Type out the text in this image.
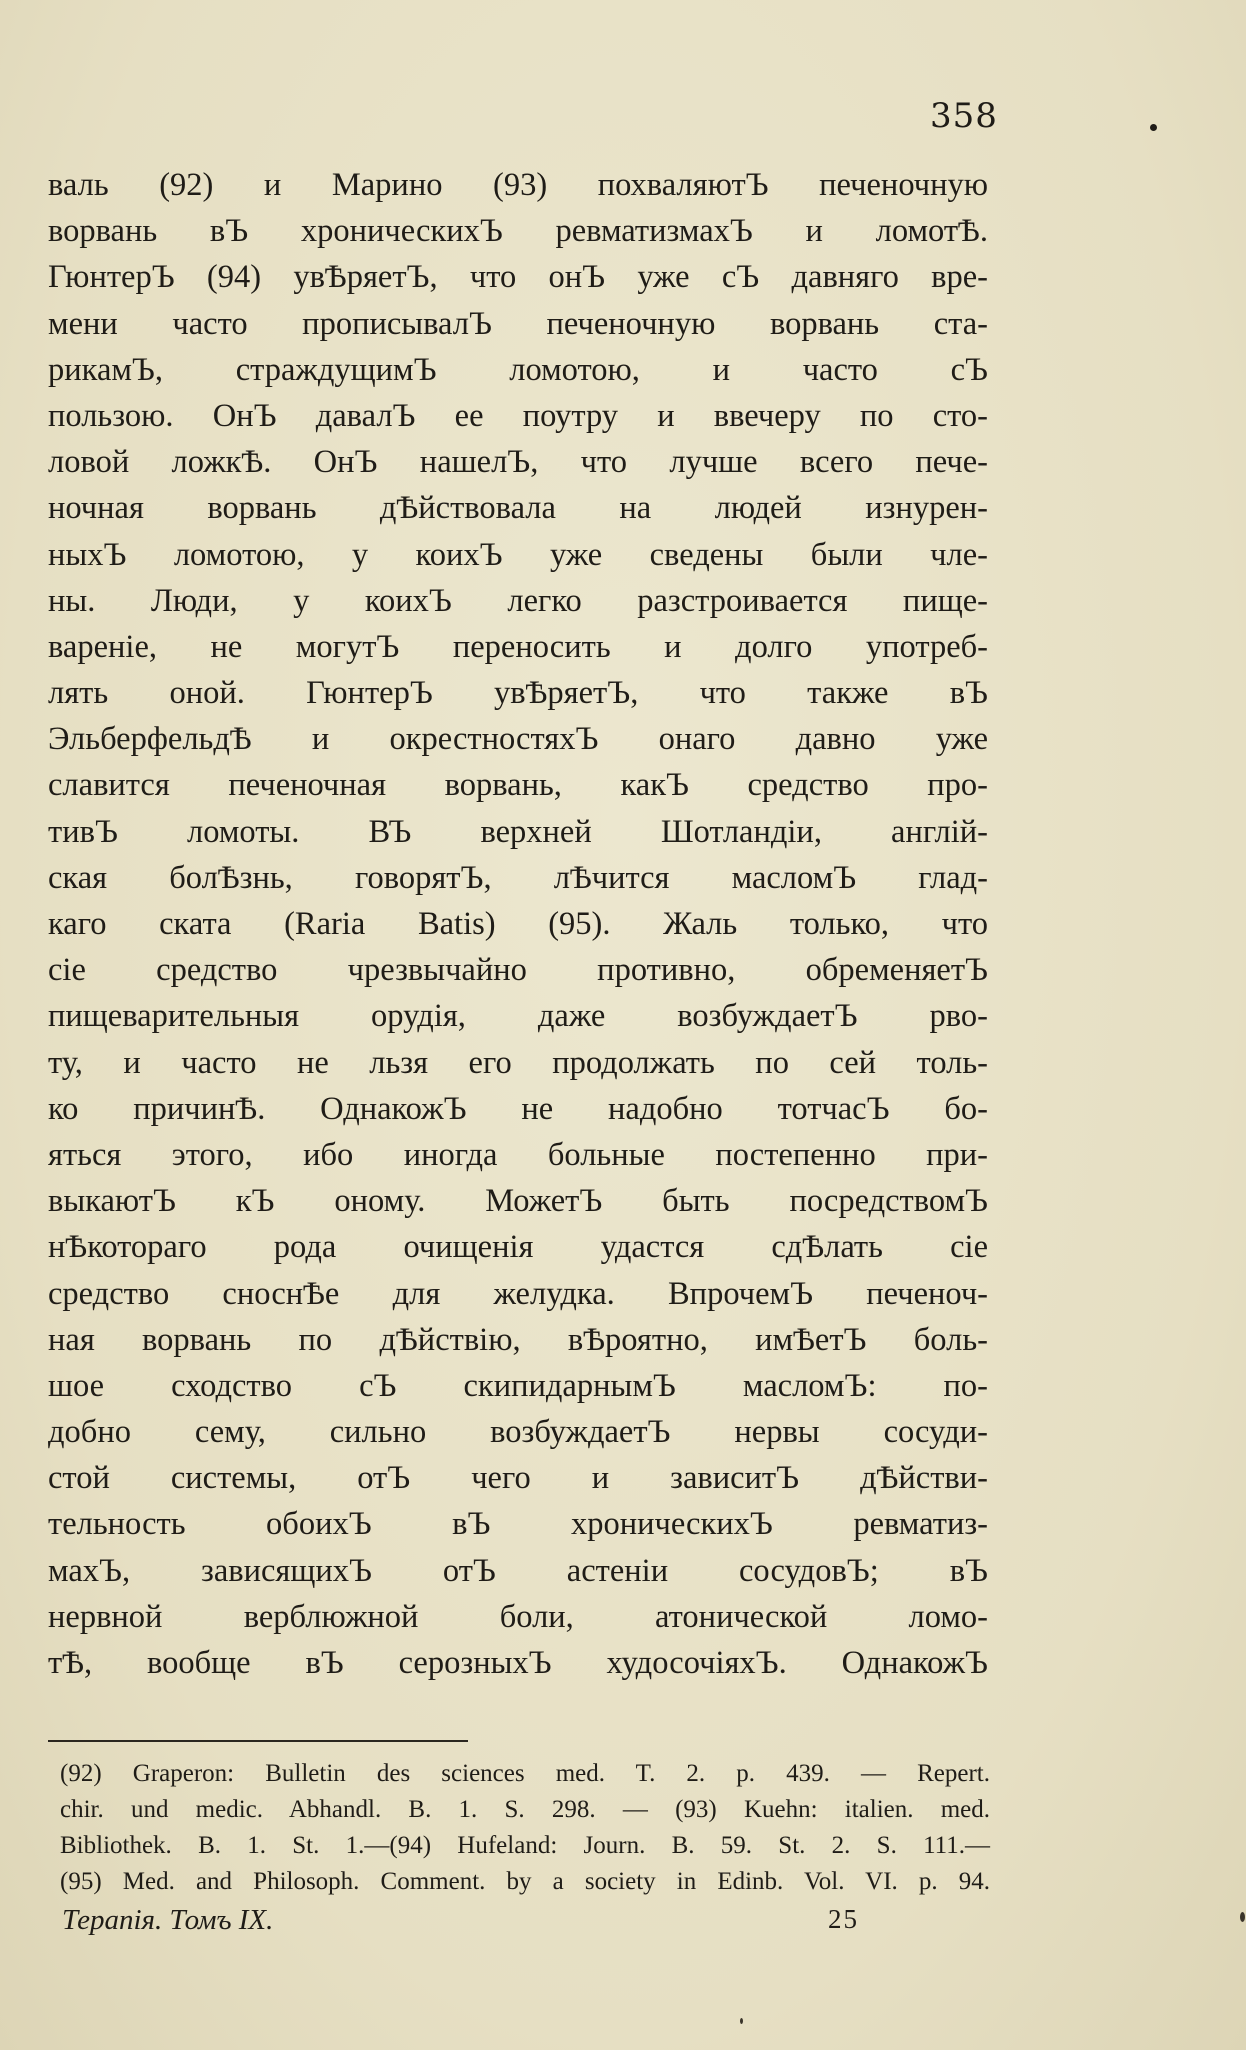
358
валь (92) и Марино (93) похваляютЪ печеночную
ворвань вЪ хроническихЪ ревматизмахЪ и ломотѢ.
ГюнтерЪ (94) увѢряетЪ, что онЪ уже сЪ давняго вре-
мени часто прописывалЪ печеночную ворвань ста-
рикамЪ, страждущимЪ ломотою, и часто сЪ
пользою. ОнЪ давалЪ ее поутру и ввечеру по сто-
ловой ложкѢ. ОнЪ нашелЪ, что лучше всего пече-
ночная ворвань дѢйствовала на людей изнурен-
ныхЪ ломотою, у коихЪ уже сведены были чле-
ны. Люди, у коихЪ легко разстроивается пище-
вареніе, не могутЪ переносить и долго употреб-
лять оной. ГюнтерЪ увѢряетЪ, что также вЪ
ЭльберфельдѢ и окрестностяхЪ онаго давно уже
славится печеночная ворвань, какЪ средство про-
тивЪ ломоты. ВЪ верхней Шотландіи, англій-
ская болѢзнь, говорятЪ, лѢчится масломЪ глад-
каго ската (Raria Batis) (95). Жаль только, что
сіе средство чрезвычайно противно, обременяетЪ
пищеварительныя орудія, даже возбуждаетЪ рво-
ту, и часто не льзя его продолжать по сей толь-
ко причинѢ. ОднакожЪ не надобно тотчасЪ бо-
яться этого, ибо иногда больные постепенно при-
выкаютЪ кЪ оному. МожетЪ быть посредствомЪ
нѢкотораго рода очищенія удастся сдѢлать сіе
средство сноснѢе для желудка. ВпрочемЪ печеноч-
ная ворвань по дѢйствію, вѢроятно, имѢетЪ боль-
шое сходство сЪ скипидарнымЪ масломЪ: по-
добно сему, сильно возбуждаетЪ нервы сосуди-
стой системы, отЪ чего и зависитЪ дѢйстви-
тельность обоихЪ вЪ хроническихЪ ревматиз-
махЪ, зависящихЪ отЪ астеніи сосудовЪ; вЪ
нервной верблюжной боли, атонической ломо-
тѢ, вообще вЪ серозныхЪ худосочіяхЪ. ОднакожЪ
(92) Graperon: Bulletin des sciences med. T. 2. p. 439. — Repert.
chir. und medic. Abhandl. B. 1. S. 298. — (93) Kuehn: italien. med.
Bibliothek. B. 1. St. 1.—(94) Hufeland: Journ. B. 59. St. 2. S. 111.—
(95) Med. and Philosoph. Comment. by a society in Edinb. Vol. VI. p. 94.
Терапія. Томъ IX.	25
